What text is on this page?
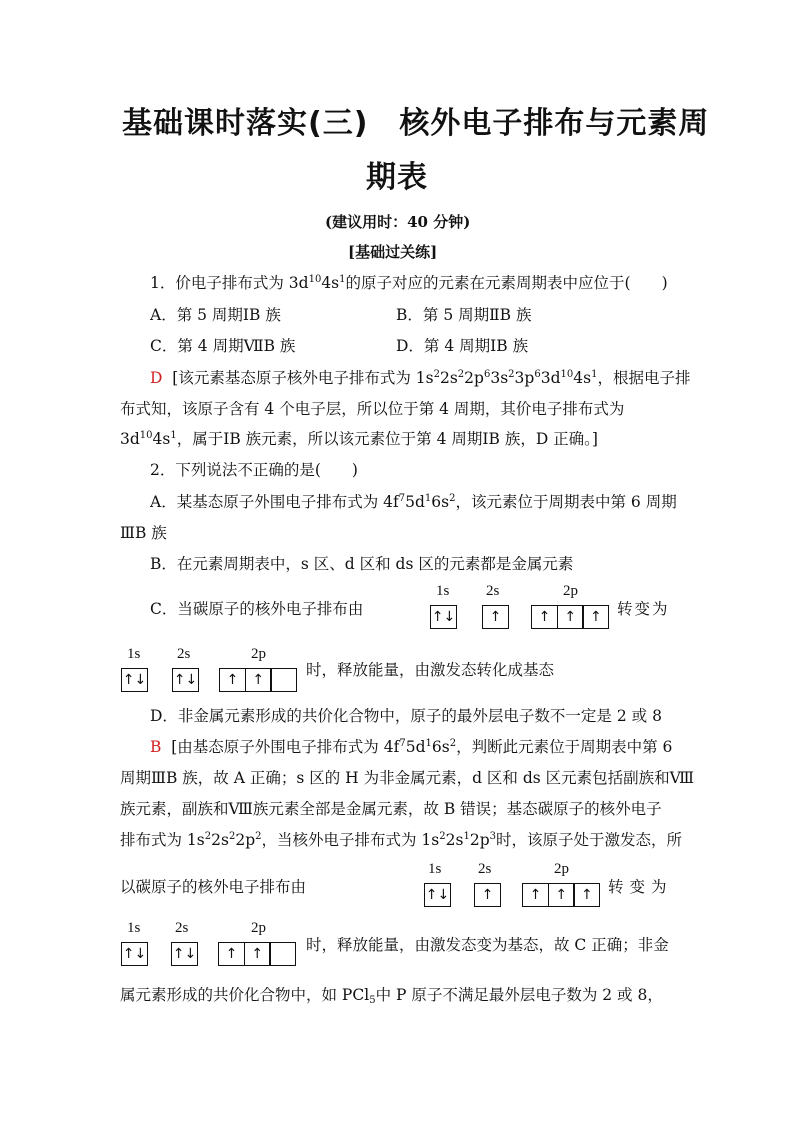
基础课时落实(三)　核外电子排布与元素周
期表
(建议用时：40 分钟)
[基础过关练]
1．价电子排布式为 $3d^{10}4s^1$的原子对应的元素在元素周期表中应位于(　　)
A．第 5 周期ⅠB 族	B．第 5 周期ⅡB 族
C．第 4 周期ⅦB 族	D．第 4 周期ⅠB 族
D [该元素基态原子核外电子排布式为 $1s^22s^22p^63s^23p^63d^{10}4s^1$，根据电子排
布式知，该原子含有 4 个电子层，所以位于第 4 周期，其价电子排布式为
$3d^{10}4s^1$，属于ⅠB 族元素，所以该元素位于第 4 周期ⅠB 族，D 正确。]
2．下列说法不正确的是(　　)
A．某基态原子外围电子排布式为 $4f^75d^16s^2$，该元素位于周期表中第 6 周期
ⅢB 族
B．在元素周期表中，s 区、d 区和 ds 区的元素都是金属元素
C．当碳原子的核外电子排布由
1s 2s	2p
↑↓	↑	↑ ↑ ↑ 转变为
1s 2s	2p
↑↓ ↑↓	↑ ↑
时，释放能量，由激发态转化成基态
D．非金属元素形成的共价化合物中，原子的最外层电子数不一定是 2 或 8
B [由基态原子外围电子排布式为 $4f^75d^16s^2$，判断此元素位于周期表中第 6
周期ⅢB 族，故 A 正确；s 区的 H 为非金属元素，d 区和 ds 区元素包括副族和Ⅷ
族元素，副族和Ⅷ族元素全部是金属元素，故 B 错误；基态碳原子的核外电子
排布式为 $1s^22s^22p^2$，当核外电子排布式为 $1s^22s^12p^3$时，该原子处于激发态，所
以碳原子的核外电子排布由
1s 2s	2p
↑↓	↑	↑ ↑ ↑ 转变为
1s 2s	2p
↑↓ ↑↓	↑ ↑	时，释放能量，由激发态变为基态，故 C 正确；非金
属元素形成的共价化合物中，如 PCl$_5$中 P 原子不满足最外层电子数为 2 或 8，
